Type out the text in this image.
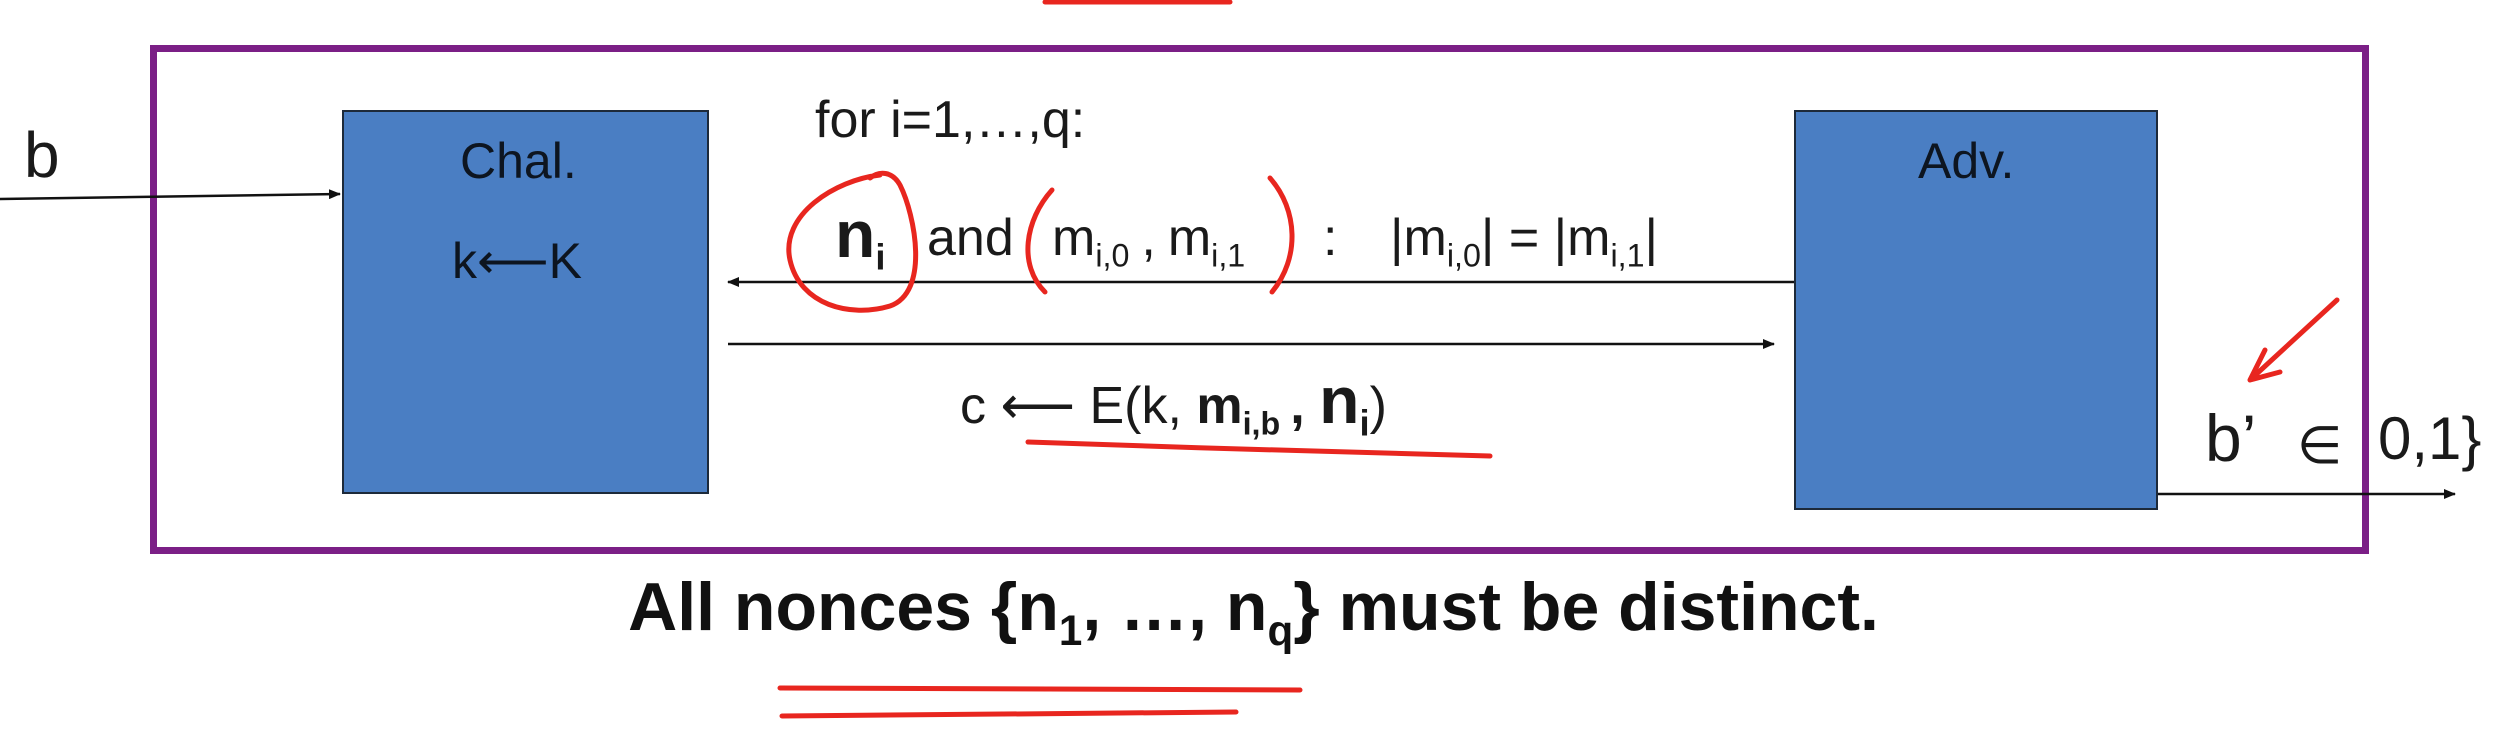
Chal.
k⟵K
Adv.
b	for i=1,…,q:
$n_i$ and $m_{i,0}$ , $m_{i,1}$ : $|m_{i,0}| = |m_{i,1}|$
c ⟵ E(k, $m_{i,b}$ , $n_i$)	b’ ∈ 0,1}
All nonces {$n_1$, …, $n_q$} must be distinct.
